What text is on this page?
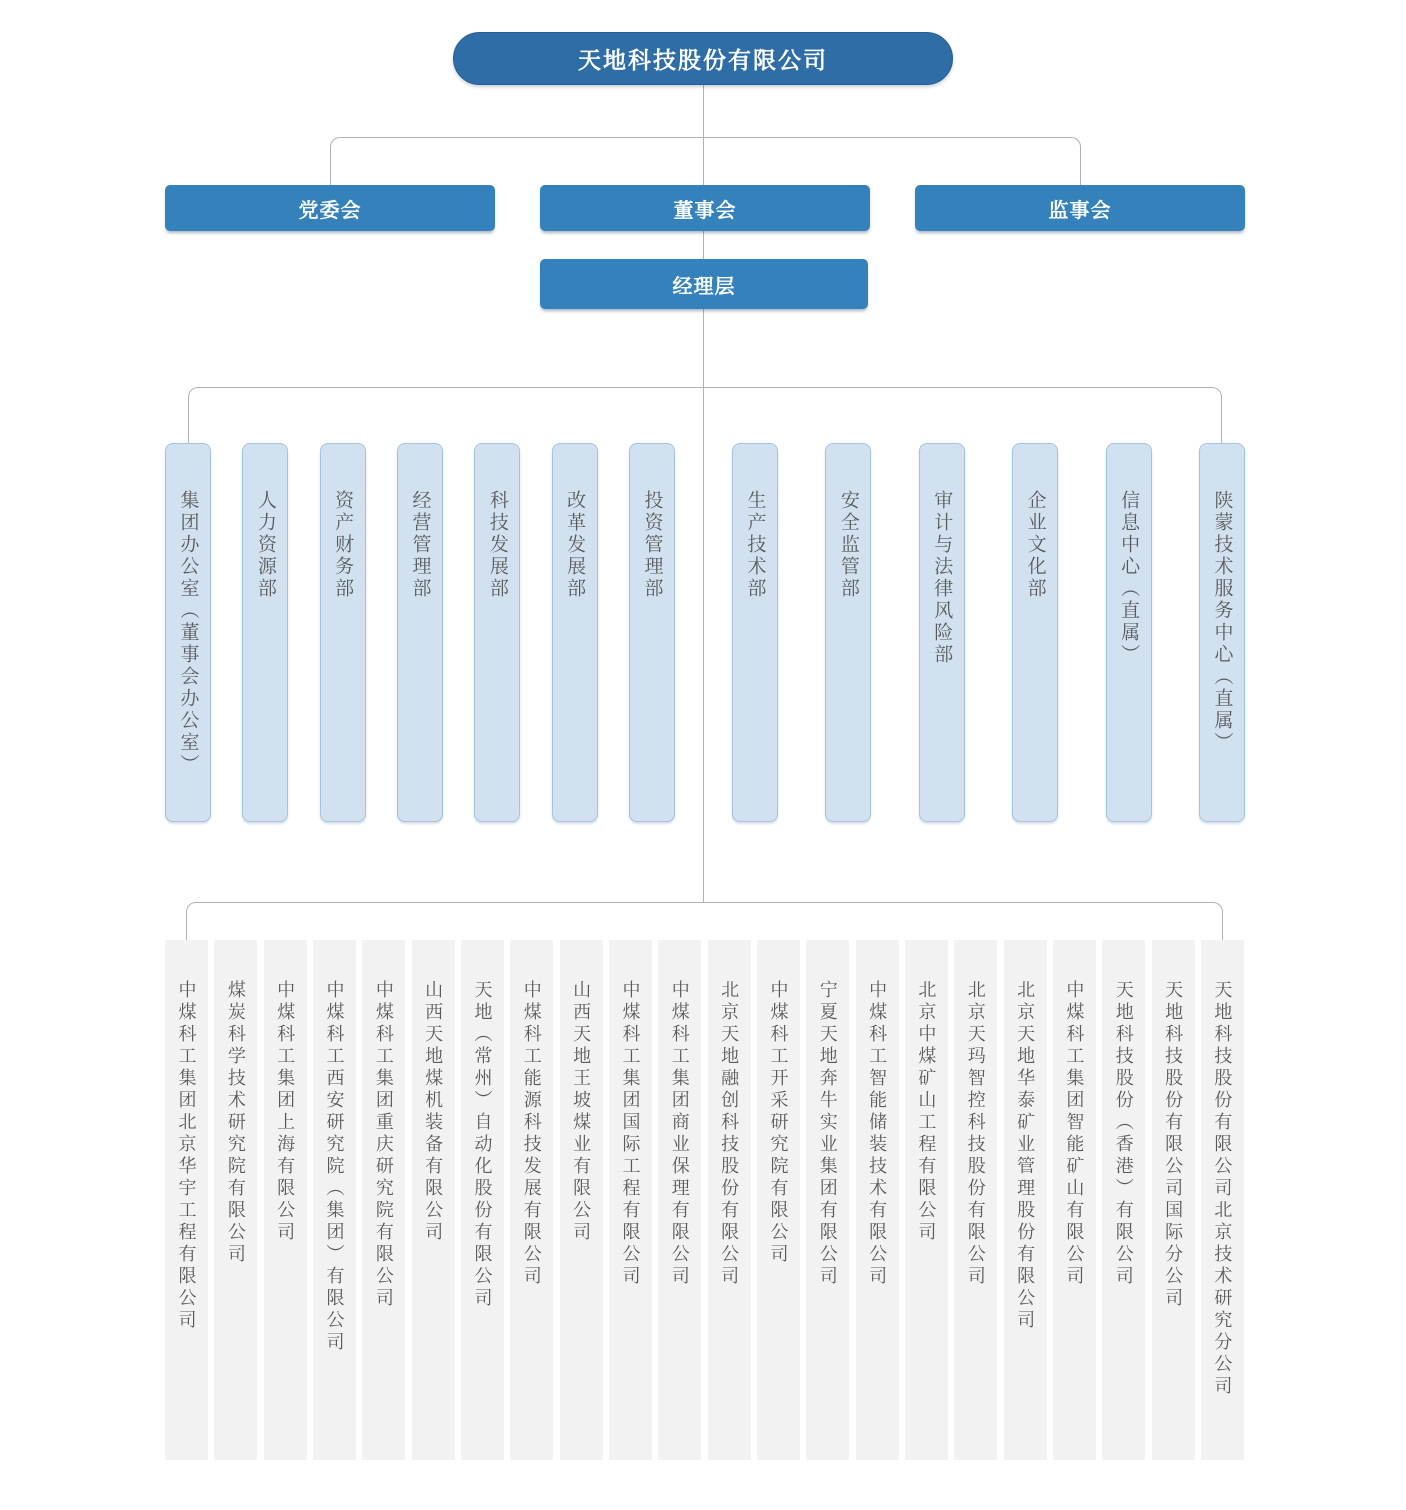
天地科技股份有限公司
党委会	董事会	监事会
经理层
集团办公室（董事会办公室）	人力资源部	资产财务部	经营管理部	科技发展部	改革发展部	投资管理部	生产技术部	安全监管部	审计与法律风险部	企业文化部	信息中心（直属）	陕蒙技术服务中心（直属）
中煤科工集团北京华宇工程有限公司 煤炭科学技术研究院有限公司 中煤科工集团上海有限公司 中煤科工西安研究院（集团）有限公司 中煤科工集团重庆研究院有限公司 山西天地煤机装备有限公司 天地（常州）自动化股份有限公司 中煤科工能源科技发展有限公司 山西天地王坡煤业有限公司 中煤科工集团国际工程有限公司 中煤科工集团商业保理有限公司 北京天地融创科技股份有限公司 中煤科工开采研究院有限公司 宁夏天地奔牛实业集团有限公司 中煤科工智能储装技术有限公司 北京中煤矿山工程有限公司 北京天玛智控科技股份有限公司 北京天地华泰矿业管理股份有限公司 中煤科工集团智能矿山有限公司 天地科技股份（香港）有限公司 天地科技股份有限公司国际分公司 天地科技股份有限公司北京技术研究分公司
